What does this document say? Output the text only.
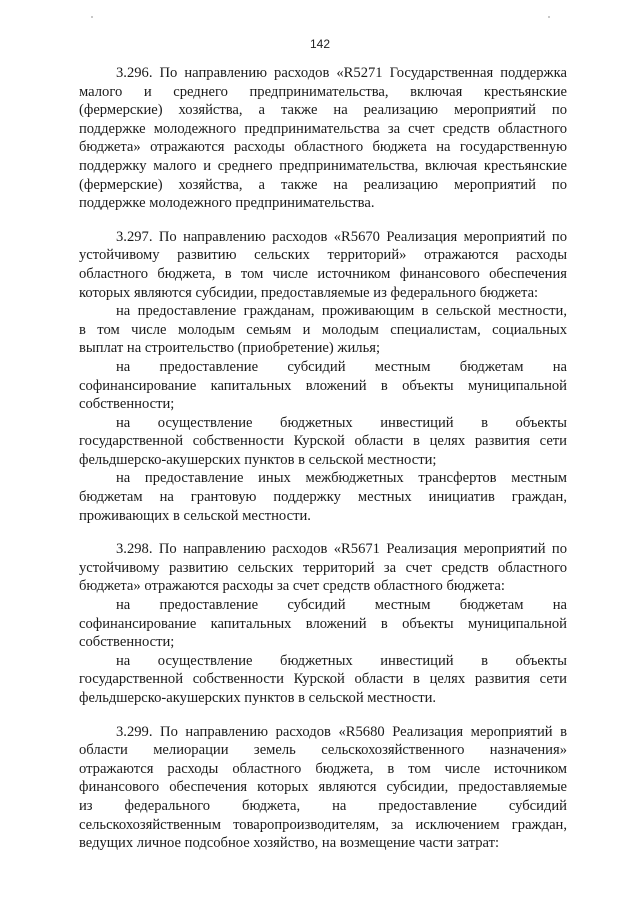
142
3.296. По направлению расходов «R5271 Государственная поддержка
малого и среднего предпринимательства, включая крестьянские
(фермерские) хозяйства, а также на реализацию мероприятий по
поддержке молодежного предпринимательства за счет средств областного
бюджета» отражаются расходы областного бюджета на государственную
поддержку малого и среднего предпринимательства, включая крестьянские
(фермерские) хозяйства, а также на реализацию мероприятий по
поддержке молодежного предпринимательства.
3.297. По направлению расходов «R5670 Реализация мероприятий по
устойчивому развитию сельских территорий» отражаются расходы
областного бюджета, в том числе источником финансового обеспечения
которых являются субсидии, предоставляемые из федерального бюджета:
на предоставление гражданам, проживающим в сельской местности,
в том числе молодым семьям и молодым специалистам, социальных
выплат на строительство (приобретение) жилья;
на предоставление субсидий местным бюджетам на
софинансирование капитальных вложений в объекты муниципальной
собственности;
на осуществление бюджетных инвестиций в объекты
государственной собственности Курской области в целях развития сети
фельдшерско-акушерских пунктов в сельской местности;
на предоставление иных межбюджетных трансфертов местным
бюджетам на грантовую поддержку местных инициатив граждан,
проживающих в сельской местности.
3.298. По направлению расходов «R5671 Реализация мероприятий по
устойчивому развитию сельских территорий за счет средств областного
бюджета» отражаются расходы за счет средств областного бюджета:
на предоставление субсидий местным бюджетам на
софинансирование капитальных вложений в объекты муниципальной
собственности;
на осуществление бюджетных инвестиций в объекты
государственной собственности Курской области в целях развития сети
фельдшерско-акушерских пунктов в сельской местности.
3.299. По направлению расходов «R5680 Реализация мероприятий в
области мелиорации земель сельскохозяйственного назначения»
отражаются расходы областного бюджета, в том числе источником
финансового обеспечения которых являются субсидии, предоставляемые
из федерального бюджета, на предоставление субсидий
сельскохозяйственным товаропроизводителям, за исключением граждан,
ведущих личное подсобное хозяйство, на возмещение части затрат:
